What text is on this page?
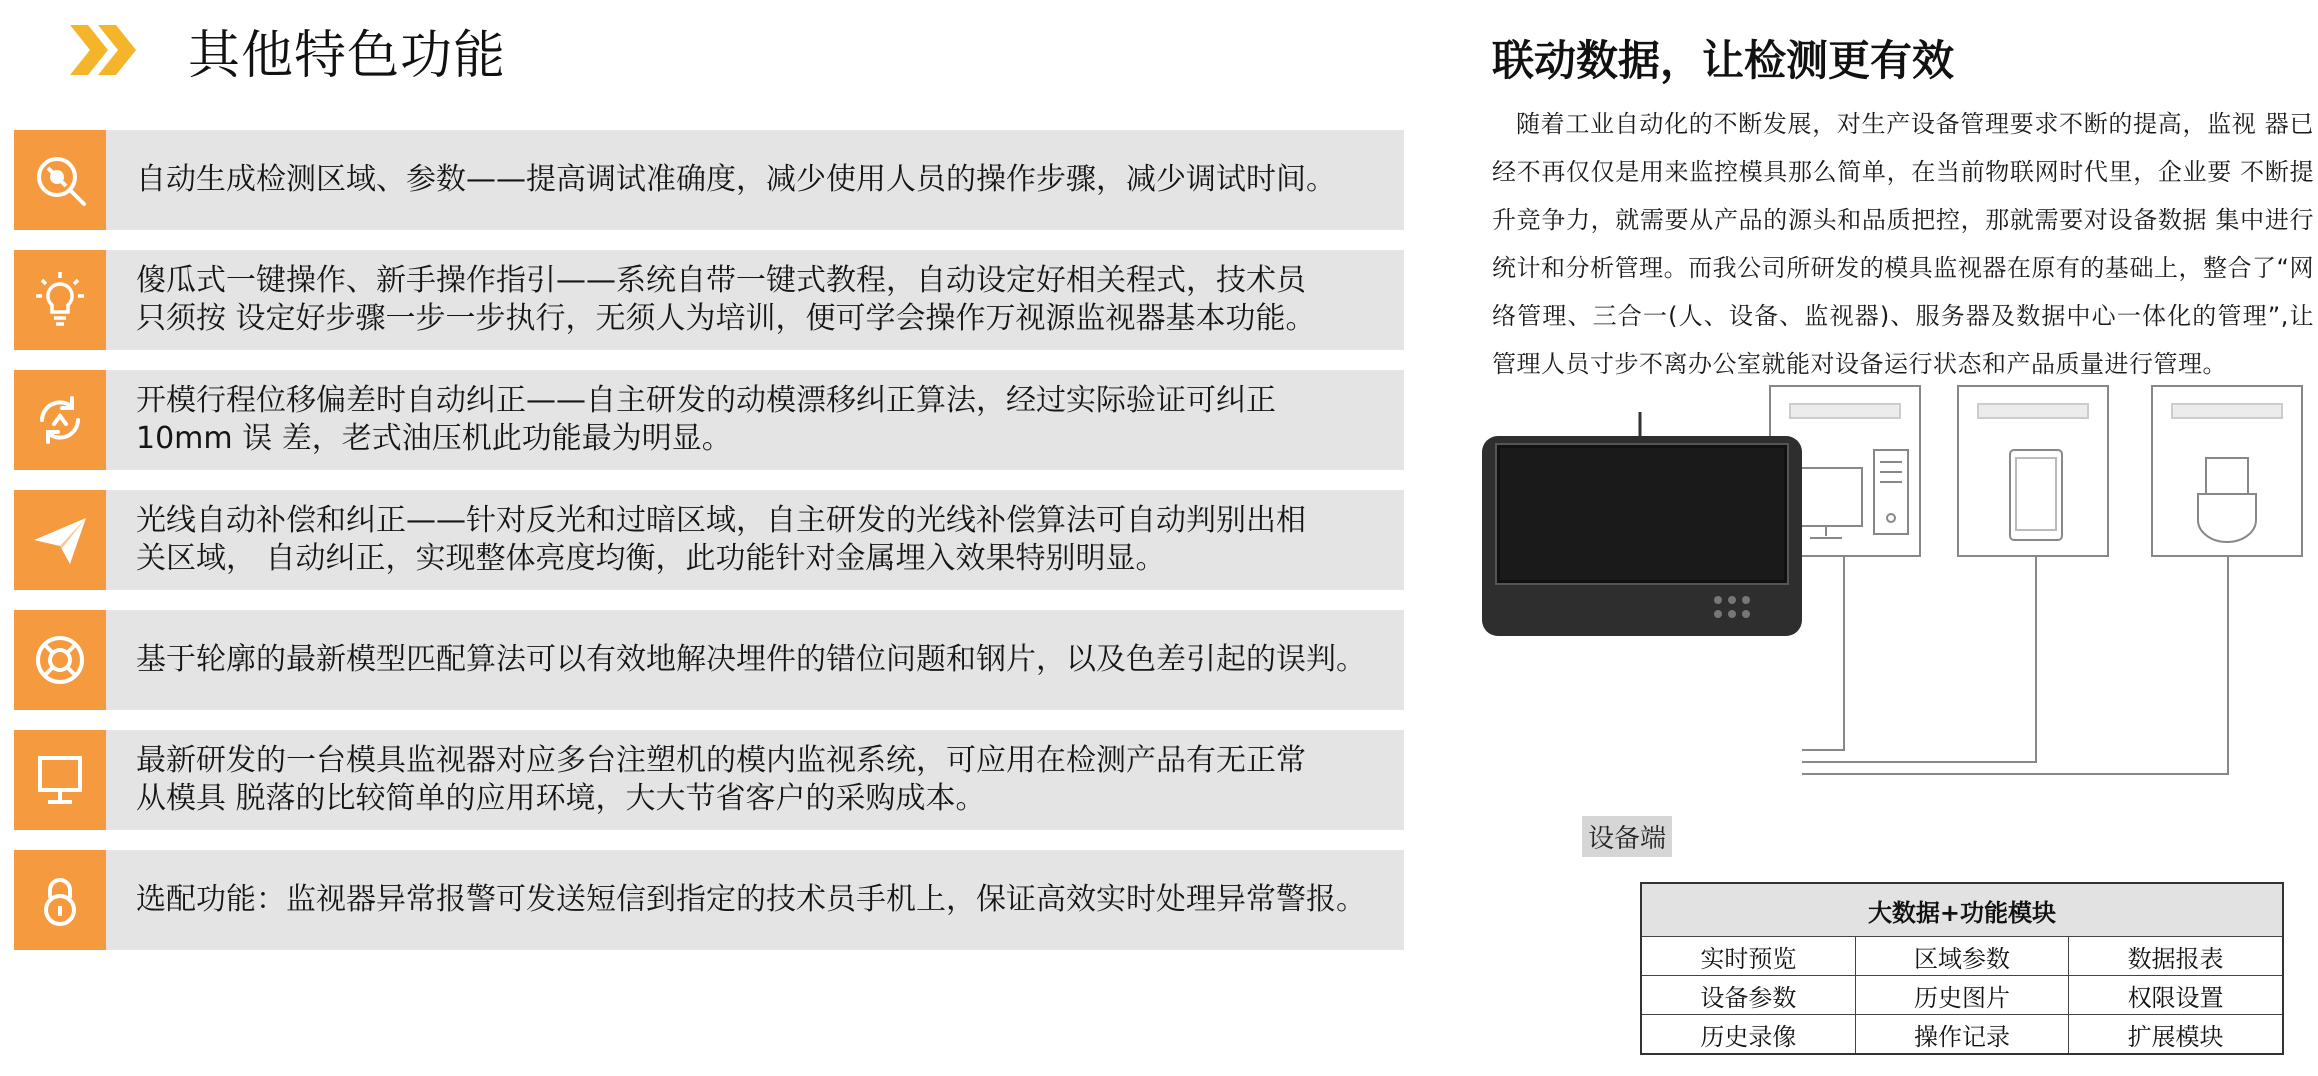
其他特色功能
自动生成检测区域、参数——提高调试准确度，减少使用人员的操作步骤，减少调试时间。
傻瓜式一键操作、新手操作指引——系统自带一键式教程，自动设定好相关程式，技术员
只须按 设定好步骤一步一步执行，无须人为培训，便可学会操作万视源监视器基本功能。
开模行程位移偏差时自动纠正——自主研发的动模漂移纠正算法，经过实际验证可纠正
10mm 误 差，老式油压机此功能最为明显。
光线自动补偿和纠正——针对反光和过暗区域，自主研发的光线补偿算法可自动判别出相
关区域， 自动纠正，实现整体亮度均衡，此功能针对金属埋入效果特别明显。
基于轮廓的最新模型匹配算法可以有效地解决埋件的错位问题和钢片，以及色差引起的误判。
最新研发的一台模具监视器对应多台注塑机的模内监视系统，可应用在检测产品有无正常
从模具 脱落的比较简单的应用环境，大大节省客户的采购成本。
选配功能：监视器异常报警可发送短信到指定的技术员手机上，保证高效实时处理异常警报。
联动数据，让检测更有效
随着工业自动化的不断发展，对生产设备管理要求不断的提高，监视 器已经不再仅仅是用来监控模具那么简单，在当前物联网时代里，企业要 不断提升竞争力，就需要从产品的源头和品质把控，那就需要对设备数据 集中进行统计和分析管理。而我公司所研发的模具监视器在原有的基础上，整合了“网络管理、三合一(人、设备、监视器)、服务器及数据中心一体化的管理”,让管理人员寸步不离办公室就能对设备运行状态和产品质量进行管理。
设备端
大数据+功能模块		
实时预览	区域参数	数据报表
设备参数	历史图片	权限设置
历史录像	操作记录	扩展模块
